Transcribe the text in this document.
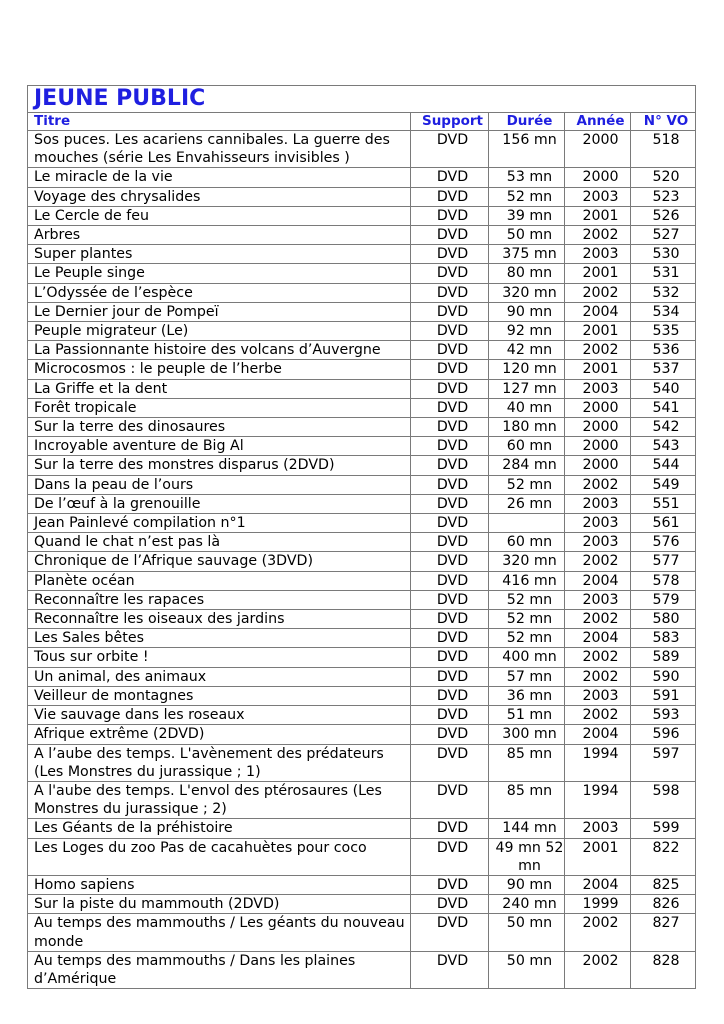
JEUNE PUBLIC				
Titre	Support	Durée	Année	N° VO
Sos puces. Les acariens cannibales. La guerre des mouches (série Les Envahisseurs invisibles )	DVD	156 mn	2000	518
Le miracle de la vie	DVD	53 mn	2000	520
Voyage des chrysalides	DVD	52 mn	2003	523
Le Cercle de feu	DVD	39 mn	2001	526
Arbres	DVD	50 mn	2002	527
Super plantes	DVD	375 mn	2003	530
Le Peuple singe	DVD	80 mn	2001	531
L’Odyssée de l’espèce	DVD	320 mn	2002	532
Le Dernier jour de Pompeï	DVD	90 mn	2004	534
Peuple migrateur (Le)	DVD	92 mn	2001	535
La Passionnante histoire des volcans d’Auvergne	DVD	42 mn	2002	536
Microcosmos : le peuple de l’herbe	DVD	120 mn	2001	537
La Griffe et la dent	DVD	127 mn	2003	540
Forêt tropicale	DVD	40 mn	2000	541
Sur la terre des dinosaures	DVD	180 mn	2000	542
Incroyable aventure de Big Al	DVD	60 mn	2000	543
Sur la terre des monstres disparus (2DVD)	DVD	284 mn	2000	544
Dans la peau de l’ours	DVD	52 mn	2002	549
De l’œuf à la grenouille	DVD	26 mn	2003	551
Jean Painlevé compilation n°1	DVD		2003	561
Quand le chat n’est pas là	DVD	60 mn	2003	576
Chronique de l’Afrique sauvage (3DVD)	DVD	320 mn	2002	577
Planète océan	DVD	416 mn	2004	578
Reconnaître les rapaces	DVD	52 mn	2003	579
Reconnaître les oiseaux des jardins	DVD	52 mn	2002	580
Les Sales bêtes	DVD	52 mn	2004	583
Tous sur orbite !	DVD	400 mn	2002	589
Un animal, des animaux	DVD	57 mn	2002	590
Veilleur de montagnes	DVD	36 mn	2003	591
Vie sauvage dans les roseaux	DVD	51 mn	2002	593
Afrique extrême (2DVD)	DVD	300 mn	2004	596
A l’aube des temps. L'avènement des prédateurs (Les Monstres du jurassique ; 1)	DVD	85 mn	1994	597
A l'aube des temps. L'envol des ptérosaures (Les Monstres du jurassique ; 2)	DVD	85 mn	1994	598
Les Géants de la préhistoire	DVD	144 mn	2003	599
Les Loges du zoo Pas de cacahuètes pour coco	DVD	49 mn 52 mn	2001	822
Homo sapiens	DVD	90 mn	2004	825
Sur la piste du mammouth (2DVD)	DVD	240 mn	1999	826
Au temps des mammouths / Les géants du nouveau monde	DVD	50 mn	2002	827
Au temps des mammouths / Dans les plaines d’Amérique	DVD	50 mn	2002	828
